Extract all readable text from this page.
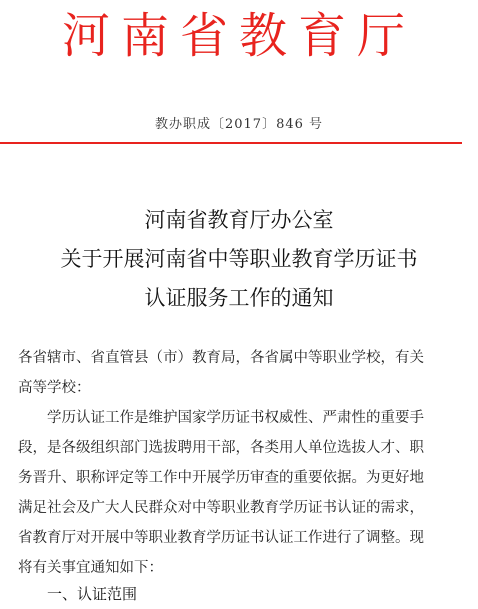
河南省教育厅
教办职成〔2017〕846 号
河南省教育厅办公室
关于开展河南省中等职业教育学历证书
认证服务工作的通知
各省辖市、省直管县（市）教育局，各省属中等职业学校，有关
高等学校：
学历认证工作是维护国家学历证书权威性、严肃性的重要手
段，是各级组织部门选拔聘用干部，各类用人单位选拔人才、职
务晋升、职称评定等工作中开展学历审查的重要依据。为更好地
满足社会及广大人民群众对中等职业教育学历证书认证的需求，
省教育厅对开展中等职业教育学历证书认证工作进行了调整。现
将有关事宜通知如下：
一、认证范围
